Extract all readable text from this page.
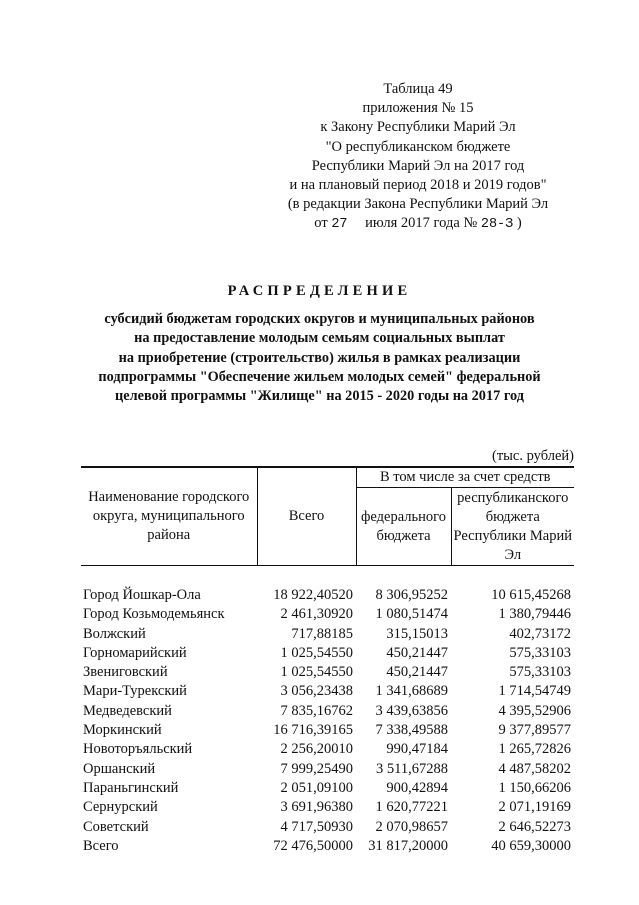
Таблица 49
приложения № 15
к Закону Республики Марий Эл
"О республиканском бюджете
Республики Марий Эл на 2017 год
и на плановый период 2018 и 2019 годов"
(в редакции Закона Республики Марий Эл
от 27 июля 2017 года № 28-З )
РАСПРЕДЕЛЕНИЕ
субсидий бюджетам городских округов и муниципальных районов
на предоставление молодым семьям социальных выплат
на приобретение (строительство) жилья в рамках реализации
подпрограммы "Обеспечение жильем молодых семей" федеральной
целевой программы "Жилище" на 2015 - 2020 годы на 2017 год
(тыс. рублей)
Наименование городского округа, муниципального района	Всего	В том числе за счет средств	
		федерального бюджета	республиканского бюджета Республики Марий Эл

Город Йошкар-Ола	18 922,40520	8 306,95252	10 615,45268
Город Козьмодемьянск	2 461,30920	1 080,51474	1 380,79446
Волжский	717,88185	315,15013	402,73172
Горномарийский	1 025,54550	450,21447	575,33103
Звениговский	1 025,54550	450,21447	575,33103
Мари-Турекский	3 056,23438	1 341,68689	1 714,54749
Медведевский	7 835,16762	3 439,63856	4 395,52906
Моркинский	16 716,39165	7 338,49588	9 377,89577
Новоторъяльский	2 256,20010	990,47184	1 265,72826
Оршанский	7 999,25490	3 511,67288	4 487,58202
Параньгинский	2 051,09100	900,42894	1 150,66206
Сернурский	3 691,96380	1 620,77221	2 071,19169
Советский	4 717,50930	2 070,98657	2 646,52273
Всего	72 476,50000	31 817,20000	40 659,30000
